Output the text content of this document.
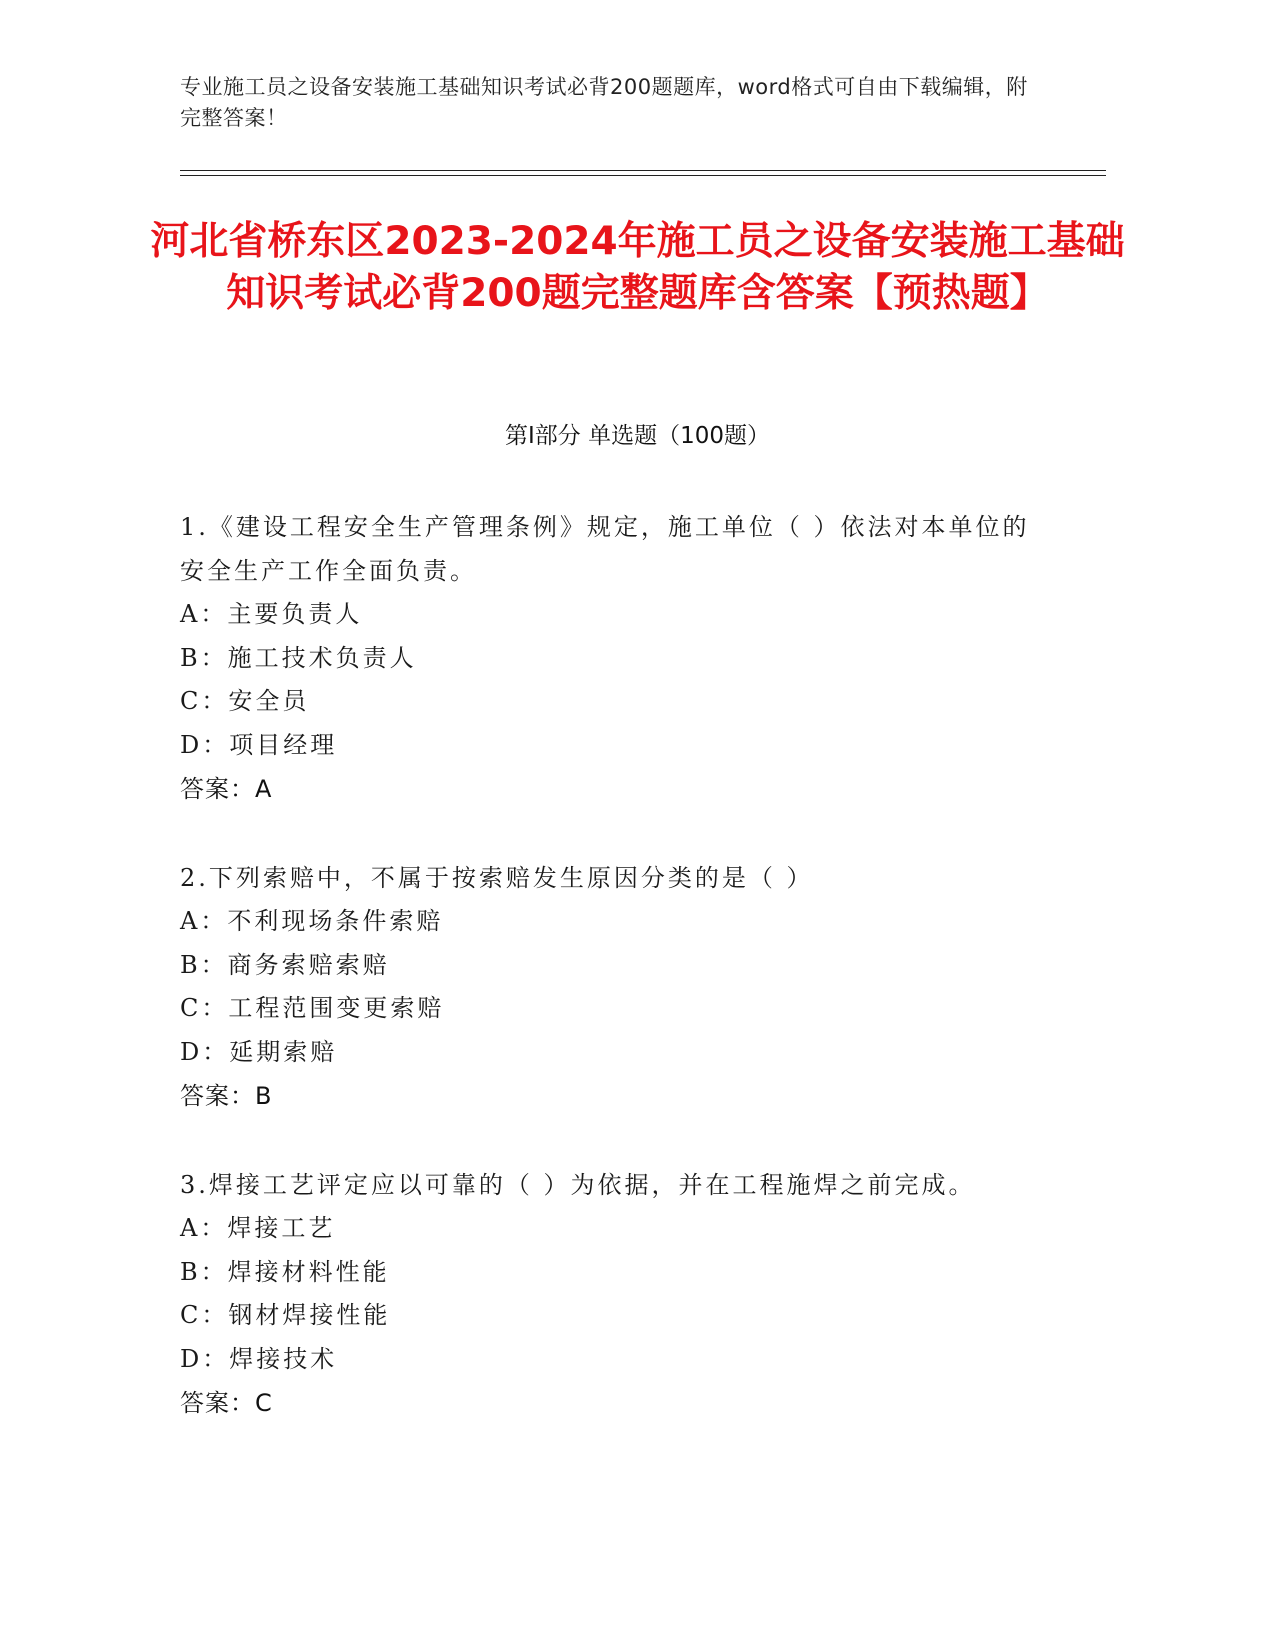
专业施工员之设备安装施工基础知识考试必背200题题库，word格式可自由下载编辑，附完整答案！
河北省桥东区2023-2024年施工员之设备安装施工基础知识考试必背200题完整题库含答案【预热题】
第I部分 单选题（100题）
1.《建设工程安全生产管理条例》规定，施工单位（ ）依法对本单位的安全生产工作全面负责。
A：主要负责人
B：施工技术负责人
C：安全员
D：项目经理
答案：A
2.下列索赔中，不属于按索赔发生原因分类的是（ ）
A：不利现场条件索赔
B：商务索赔索赔
C：工程范围变更索赔
D：延期索赔
答案：B
3.焊接工艺评定应以可靠的（ ）为依据，并在工程施焊之前完成。
A：焊接工艺
B：焊接材料性能
C：钢材焊接性能
D：焊接技术
答案：C
